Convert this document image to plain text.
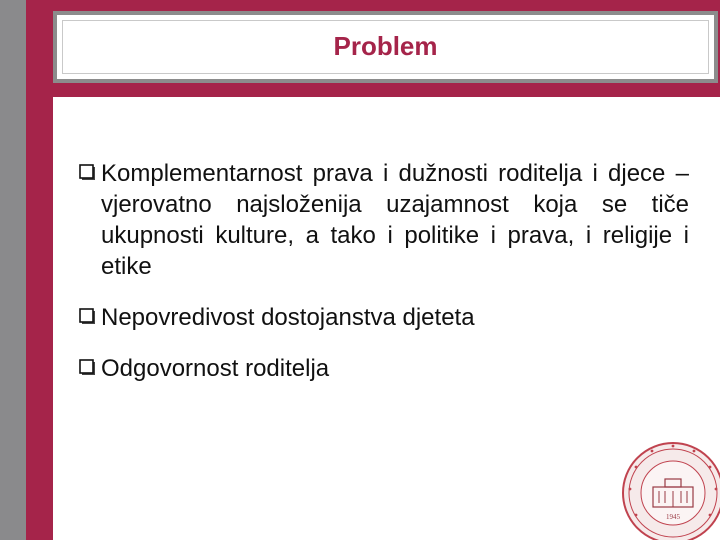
Problem
Komplementarnost prava i dužnosti roditelja i djece – vjerovatno najsloženija uzajamnost koja se tiče ukupnosti kulture, a tako i politike i prava, i religije i etike
Nepovredivost dostojanstva djeteta
Odgovornost roditelja
1945
